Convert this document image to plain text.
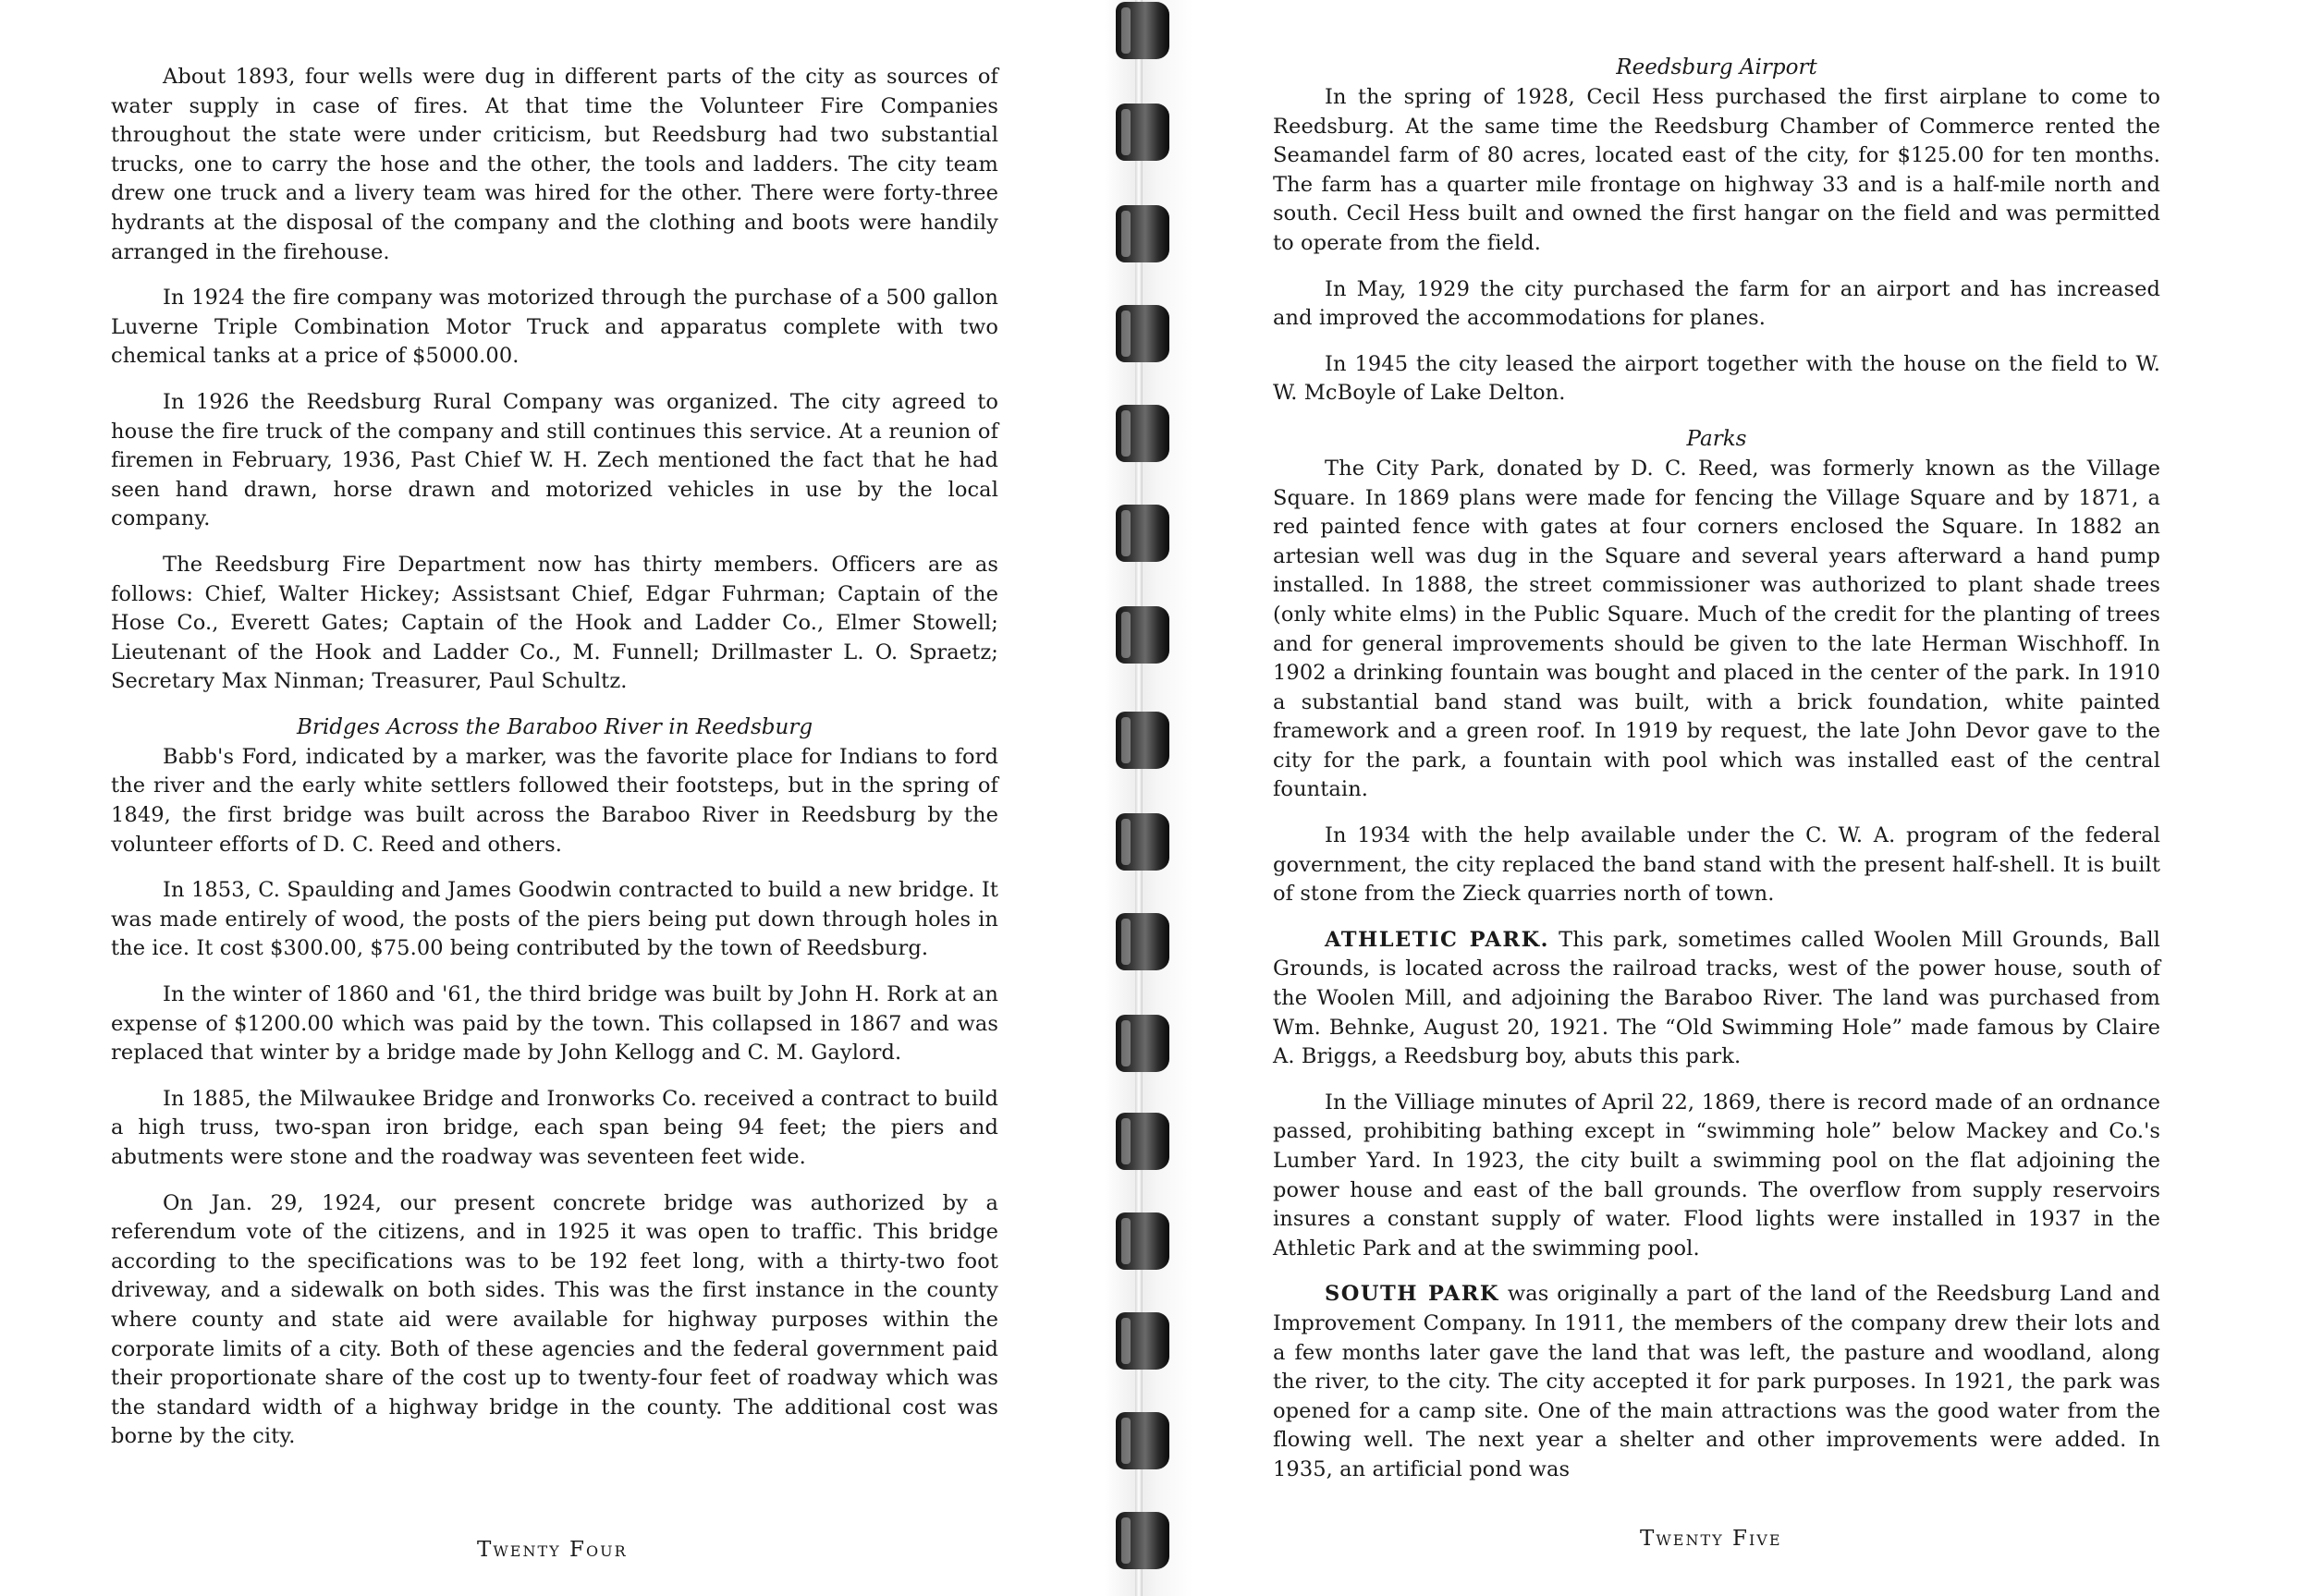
About 1893, four wells were dug in different parts of the city as sources of water supply in case of fires. At that time the Volunteer Fire Companies throughout the state were under criticism, but Reedsburg had two substantial trucks, one to carry the hose and the other, the tools and ladders. The city team drew one truck and a livery team was hired for the other. There were forty-three hydrants at the disposal of the company and the clothing and boots were handily arranged in the firehouse.

In 1924 the fire company was motorized through the purchase of a 500 gallon Luverne Triple Combination Motor Truck and apparatus complete with two chemical tanks at a price of $5000.00.

In 1926 the Reedsburg Rural Company was organized. The city agreed to house the fire truck of the company and still continues this service. At a reunion of firemen in February, 1936, Past Chief W. H. Zech mentioned the fact that he had seen hand drawn, horse drawn and motorized vehicles in use by the local company.

The Reedsburg Fire Department now has thirty members. Officers are as follows: Chief, Walter Hickey; Assistsant Chief, Edgar Fuhrman; Captain of the Hose Co., Everett Gates; Captain of the Hook and Ladder Co., Elmer Stowell; Lieutenant of the Hook and Ladder Co., M. Funnell; Drillmaster L. O. Spraetz; Secretary Max Ninman; Treasurer, Paul Schultz.

Bridges Across the Baraboo River in Reedsburg

Babb's Ford, indicated by a marker, was the favorite place for Indians to ford the river and the early white settlers followed their footsteps, but in the spring of 1849, the first bridge was built across the Baraboo River in Reedsburg by the volunteer efforts of D. C. Reed and others.

In 1853, C. Spaulding and James Goodwin contracted to build a new bridge. It was made entirely of wood, the posts of the piers being put down through holes in the ice. It cost $300.00, $75.00 being contributed by the town of Reedsburg.

In the winter of 1860 and '61, the third bridge was built by John H. Rork at an expense of $1200.00 which was paid by the town. This collapsed in 1867 and was replaced that winter by a bridge made by John Kellogg and C. M. Gaylord.

In 1885, the Milwaukee Bridge and Ironworks Co. received a contract to build a high truss, two-span iron bridge, each span being 94 feet; the piers and abutments were stone and the roadway was seventeen feet wide.

On Jan. 29, 1924, our present concrete bridge was authorized by a referendum vote of the citizens, and in 1925 it was open to traffic. This bridge according to the specifications was to be 192 feet long, with a thirty-two foot driveway, and a sidewalk on both sides. This was the first instance in the county where county and state aid were available for highway purposes within the corporate limits of a city. Both of these agencies and the federal government paid their proportionate share of the cost up to twenty-four feet of roadway which was the standard width of a highway bridge in the county. The additional cost was borne by the city.

Twenty Four
Reedsburg Airport

In the spring of 1928, Cecil Hess purchased the first airplane to come to Reedsburg. At the same time the Reedsburg Chamber of Commerce rented the Seamandel farm of 80 acres, located east of the city, for $125.00 for ten months. The farm has a quarter mile frontage on highway 33 and is a half-mile north and south. Cecil Hess built and owned the first hangar on the field and was permitted to operate from the field.

In May, 1929 the city purchased the farm for an airport and has increased and improved the accommodations for planes.

In 1945 the city leased the airport together with the house on the field to W. W. McBoyle of Lake Delton.

Parks

The City Park, donated by D. C. Reed, was formerly known as the Village Square. In 1869 plans were made for fencing the Village Square and by 1871, a red painted fence with gates at four corners enclosed the Square. In 1882 an artesian well was dug in the Square and several years afterward a hand pump installed. In 1888, the street commissioner was authorized to plant shade trees (only white elms) in the Public Square. Much of the credit for the planting of trees and for general improvements should be given to the late Herman Wischhoff. In 1902 a drinking fountain was bought and placed in the center of the park. In 1910 a substantial band stand was built, with a brick foundation, white painted framework and a green roof. In 1919 by request, the late John Devor gave to the city for the park, a fountain with pool which was installed east of the central fountain.

In 1934 with the help available under the C. W. A. program of the federal government, the city replaced the band stand with the present half-shell. It is built of stone from the Zieck quarries north of town.

ATHLETIC PARK. This park, sometimes called Woolen Mill Grounds, Ball Grounds, is located across the railroad tracks, west of the power house, south of the Woolen Mill, and adjoining the Baraboo River. The land was purchased from Wm. Behnke, August 20, 1921. The “Old Swimming Hole” made famous by Claire A. Briggs, a Reedsburg boy, abuts this park.

In the Villiage minutes of April 22, 1869, there is record made of an ordnance passed, prohibiting bathing except in “swimming hole” below Mackey and Co.'s Lumber Yard. In 1923, the city built a swimming pool on the flat adjoining the power house and east of the ball grounds. The overflow from supply reservoirs insures a constant supply of water. Flood lights were installed in 1937 in the Athletic Park and at the swimming pool.

SOUTH PARK was originally a part of the land of the Reedsburg Land and Improvement Company. In 1911, the members of the company drew their lots and a few months later gave the land that was left, the pasture and woodland, along the river, to the city. The city accepted it for park purposes. In 1921, the park was opened for a camp site. One of the main attractions was the good water from the flowing well. The next year a shelter and other improvements were added. In 1935, an artificial pond was

Twenty Five
